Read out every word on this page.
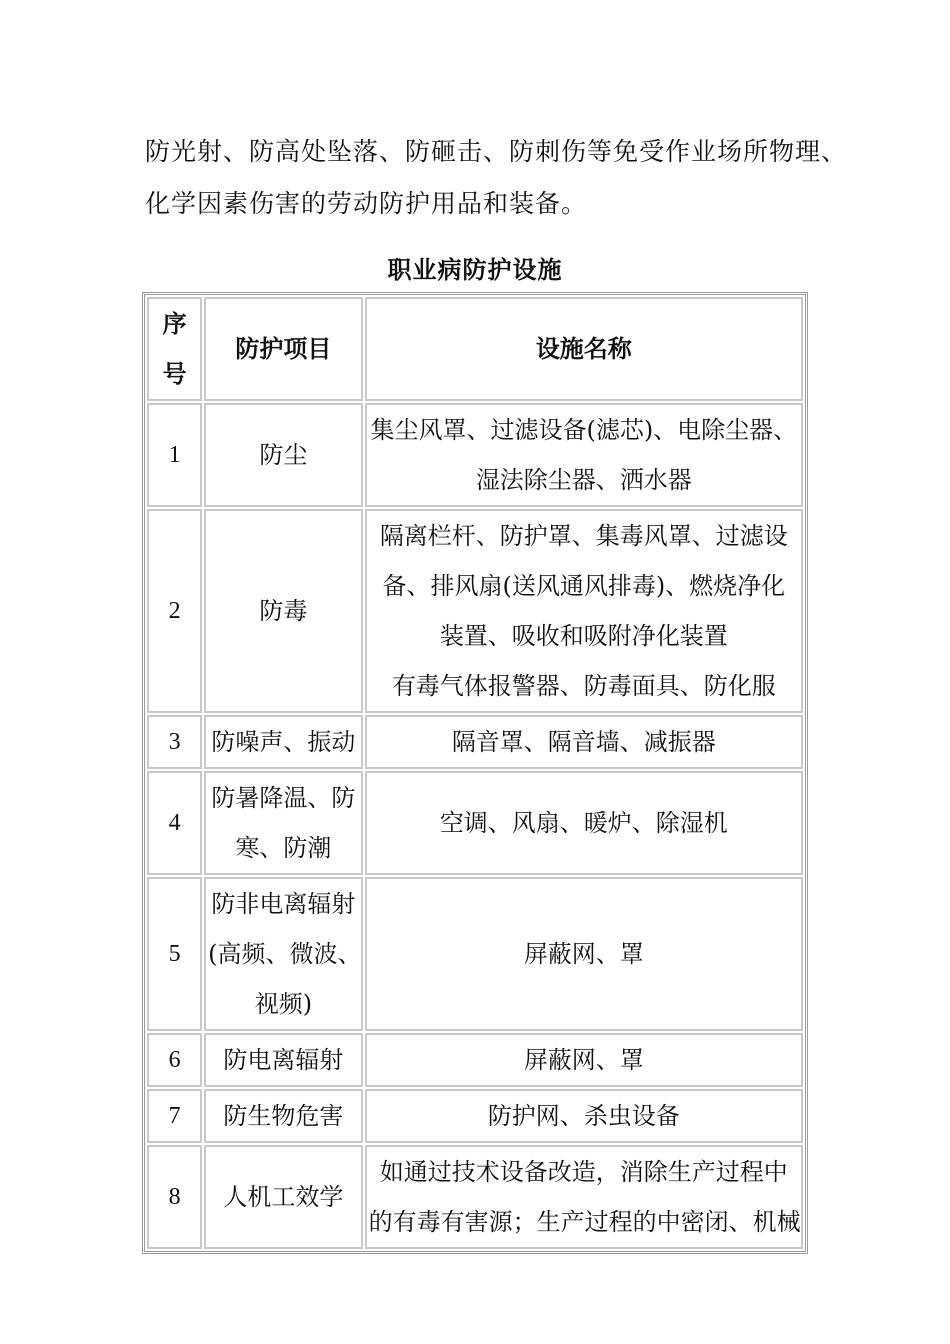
防光射、防高处坠落、防砸击、防刺伤等免受作业场所物理、

化学因素伤害的劳动防护用品和装备。

职业病防护设施
序号	防护项目	设施名称
1	防尘	集尘风罩、过滤设备(滤芯)、电除尘器、
湿法除尘器、洒水器

2	防毒	隔离栏杆、防护罩、集毒风罩、过滤设
备、排风扇(送风通风排毒)、燃烧净化
装置、吸收和吸附净化装置
有毒气体报警器、防毒面具、防化服

3	防噪声、振动	隔音罩、隔音墙、减振器

4	防暑降温、防
寒、防潮	空调、风扇、暖炉、除湿机

5	防非电离辐射
(高频、微波、
视频)	屏蔽网、罩

6	防电离辐射	屏蔽网、罩

7	防生物危害	防护网、杀虫设备

8	人机工效学	如通过技术设备改造，消除生产过程中
的有毒有害源；生产过程的中密闭、机械
